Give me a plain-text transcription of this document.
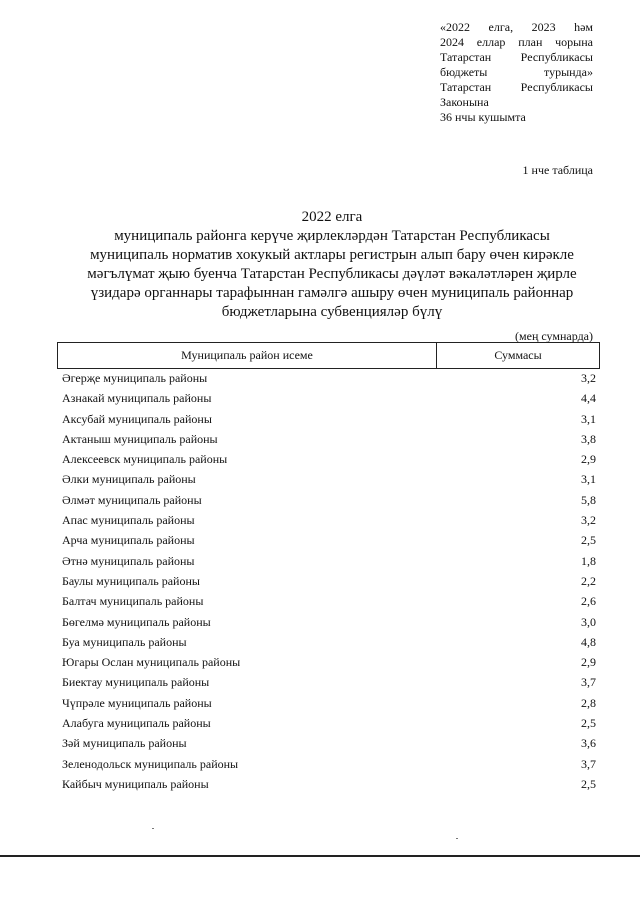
«2022 елга, 2023 һәм
2024 еллар план чорына
Татарстан Республикасы
бюджеты турында»
Татарстан Республикасы
Законына
36 нчы кушымта
1 нче таблица
2022 елга
муниципаль районга керүче җирлекләрдән Татарстан Республикасы
муниципаль норматив хокукый актлары регистрын алып бару өчен кирәкле
мәгълүмат җыю буенча Татарстан Республикасы дәүләт вәкаләтләрен җирле
үзидарә органнары тарафыннан гамәлгә ашыру өчен муниципаль районнар
бюджетларына субвенцияләр бүлү
(мең сумнарда)
Муниципаль район исеме	Суммасы
Әгерҗе муниципаль районы	3,2
Азнакай муниципаль районы	4,4
Аксубай муниципаль районы	3,1
Актаныш муниципаль районы	3,8
Алексеевск муниципаль районы	2,9
Әлки муниципаль районы	3,1
Әлмәт муниципаль районы	5,8
Апас муниципаль районы	3,2
Арча муниципаль районы	2,5
Әтнә муниципаль районы	1,8
Баулы муниципаль районы	2,2
Балтач муниципаль районы	2,6
Бөгелмә муниципаль районы	3,0
Буа муниципаль районы	4,8
Югары Ослан муниципаль районы	2,9
Биектау муниципаль районы	3,7
Чүпрәле муниципаль районы	2,8
Алабуга муниципаль районы	2,5
Зәй муниципаль районы	3,6
Зеленодольск муниципаль районы	3,7
Кайбыч муниципаль районы	2,5
